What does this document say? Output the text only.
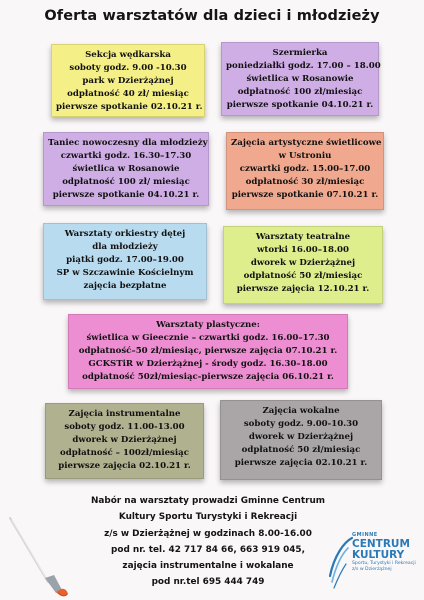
Oferta warsztatów dla dzieci i młodzieży
Sekcja wędkarska
soboty godz. 9.00 -10.30
park w Dzierżążnej
odpłatność 40 zł/ miesiąc
pierwsze spotkanie 02.10.21 r.
Szermierka
poniedziałki godz. 17.00 – 18.00
świetlica w Rosanowie
odpłatność 100 zł/miesiąc
pierwsze spotkanie 04.10.21 r.
Taniec nowoczesny dla młodzieży
czwartki godz. 16.30–17.30
świetlica w Rosanowie
odpłatność 100 zł/ miesiąc
pierwsze spotkanie 04.10.21 r.
Zajęcia artystyczne świetlicowe
w Ustroniu
czwartki godz. 15.00–17.00
odpłatność 30 zł/miesiąc
pierwsze spotkanie 07.10.21 r.
Warsztaty orkiestry dętej
dla młodzieży
piątki godz. 17.00–19.00
SP w Szczawinie Kościelnym
zajęcia bezpłatne
Warsztaty teatralne
wtorki 16.00–18.00
dworek w Dzierżążnej
odpłatność 50 zł/miesiąc
pierwsze zajęcia 12.10.21 r.
Warsztaty plastyczne:
świetlica w Gieecznie – czwartki godz. 16.00–17.30
odpłatność–50 zł/miesiąc, pierwsze zajęcia 07.10.21 r.
GCKSTiR w Dzierżążnej - środy godz. 16.30–18.00
odpłatność 50zł/miesiąc-pierwsze zajęcia 06.10.21 r.
Zajęcia instrumentalne
soboty godz. 11.00-13.00
dworek w Dzierżążnej
odpłatność – 100zł/miesiąc
pierwsze zajęcia 02.10.21 r.
Zajęcia wokalne
soboty godz. 9.00-10.30
dworek w Dzierżążnej
odpłatność 50 zł/miesiąc
pierwsze zajęcia 02.10.21 r.
Nabór na warsztaty prowadzi Gminne Centrum
Kultury Sportu Turystyki i Rekreacji
z/s w Dzierżążnej w godzinach 8.00-16.00
pod nr. tel. 42 717 84 66, 663 919 045,
zajęcia instrumentalne i wokalane
pod nr.tel 695 444 749
GMINNE
CENTRUM
KULTURY
Sportu, Turystyki i Rekreacji
z/s w Dzierżążnej
